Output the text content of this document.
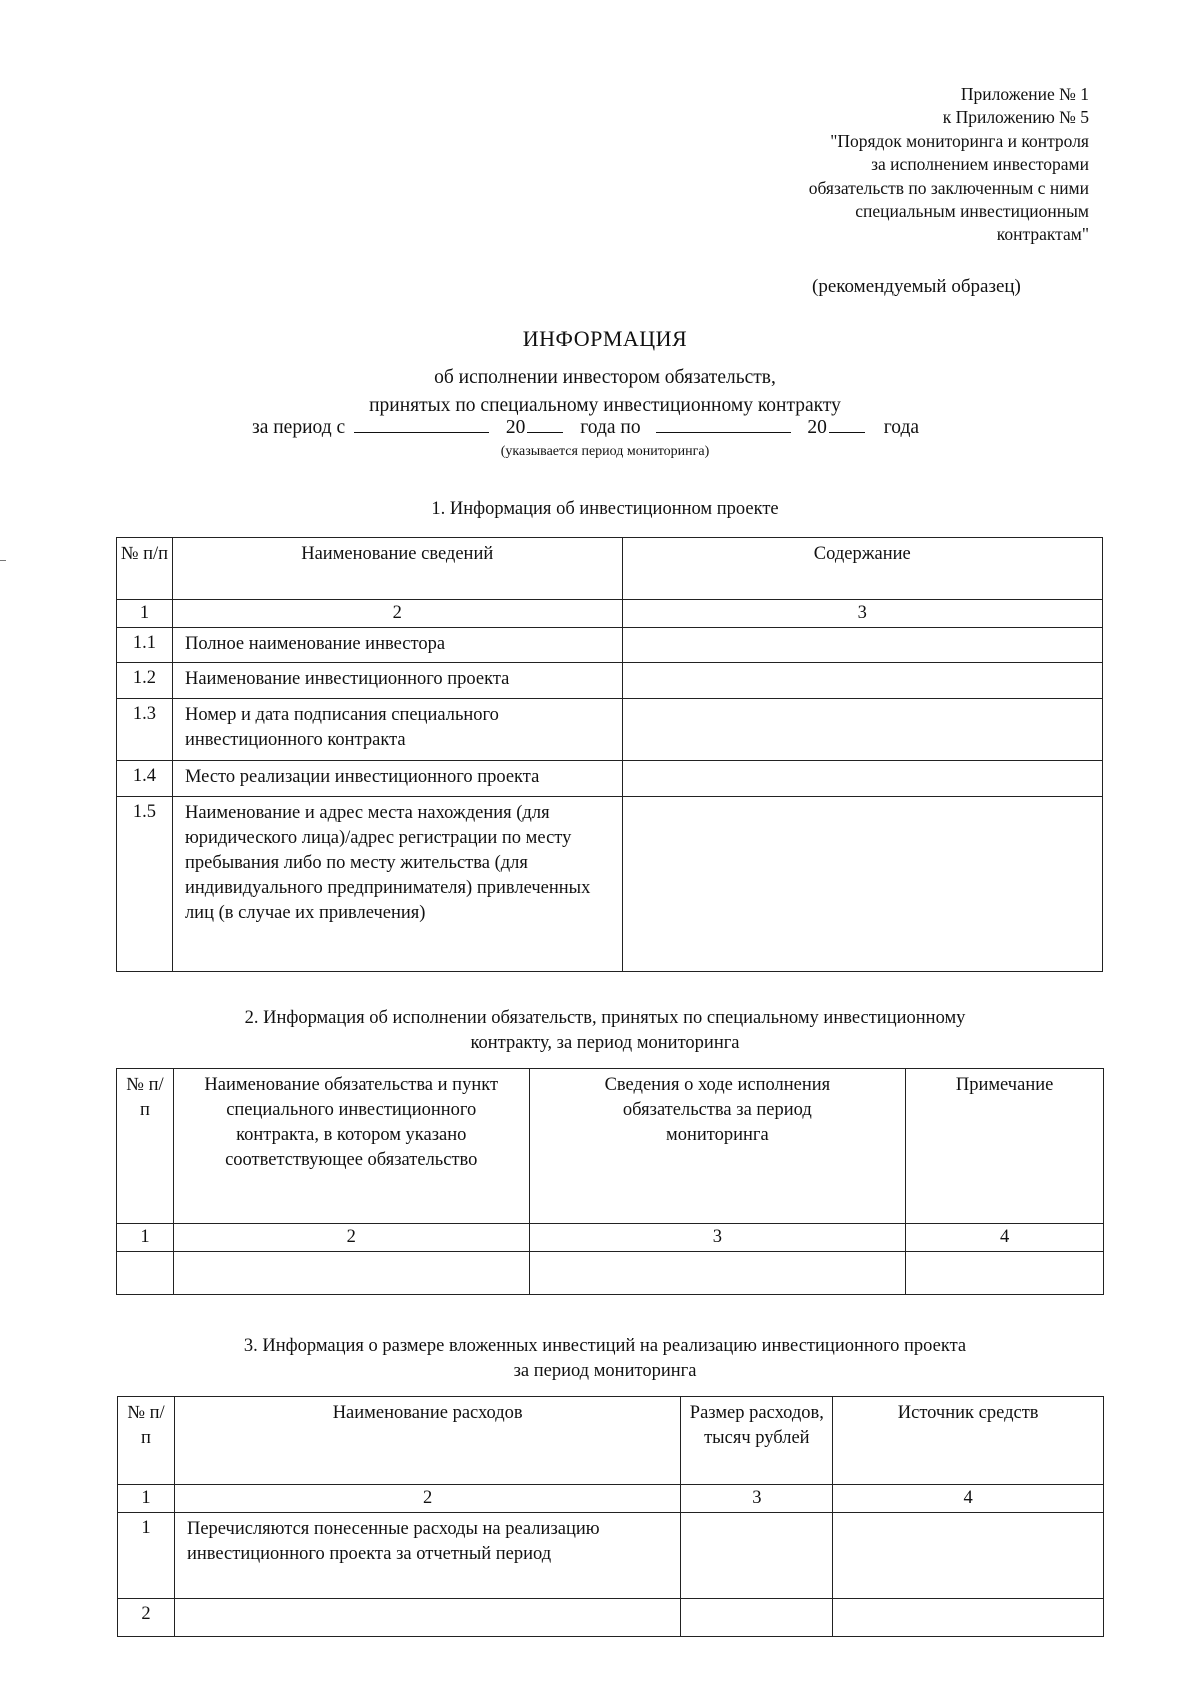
Приложение № 1
к Приложению № 5
"Порядок мониторинга и контроля
за исполнением инвесторами
обязательств по заключенным с ними
специальным инвестиционным
контрактам"
(рекомендуемый образец)
ИНФОРМАЦИЯ
об исполнении инвестором обязательств,
принятых по специальному инвестиционному контракту
за период с	20	года по	20	года
(указывается период мониторинга)
1. Информация об инвестиционном проекте
№ п/п	Наименование сведений	Содержание
1	2	3
1.1	Полное наименование инвестора	
1.2	Наименование инвестиционного проекта	
1.3	Номер и дата подписания специального инвестиционного контракта	
1.4	Место реализации инвестиционного проекта	
1.5	Наименование и адрес места нахождения (для юридического лица)/адрес регистрации по месту пребывания либо по месту жительства (для индивидуального предпринимателя) привлеченных лиц (в случае их привлечения)	
2. Информация об исполнении обязательств, принятых по специальному инвестиционному
контракту, за период мониторинга
№ п/п	Наименование обязательства и пункт специального инвестиционного контракта, в котором указано соответствующее обязательство	Сведения о ходе исполнения обязательства за период мониторинга	Примечание
1	2	3	4

3. Информация о размере вложенных инвестиций на реализацию инвестиционного проекта
за период мониторинга
№ п/п	Наименование расходов	Размер расходов, тысяч рублей	Источник средств
1	2	3	4
1	Перечисляются понесенные расходы на реализацию инвестиционного проекта за отчетный период		
2			
